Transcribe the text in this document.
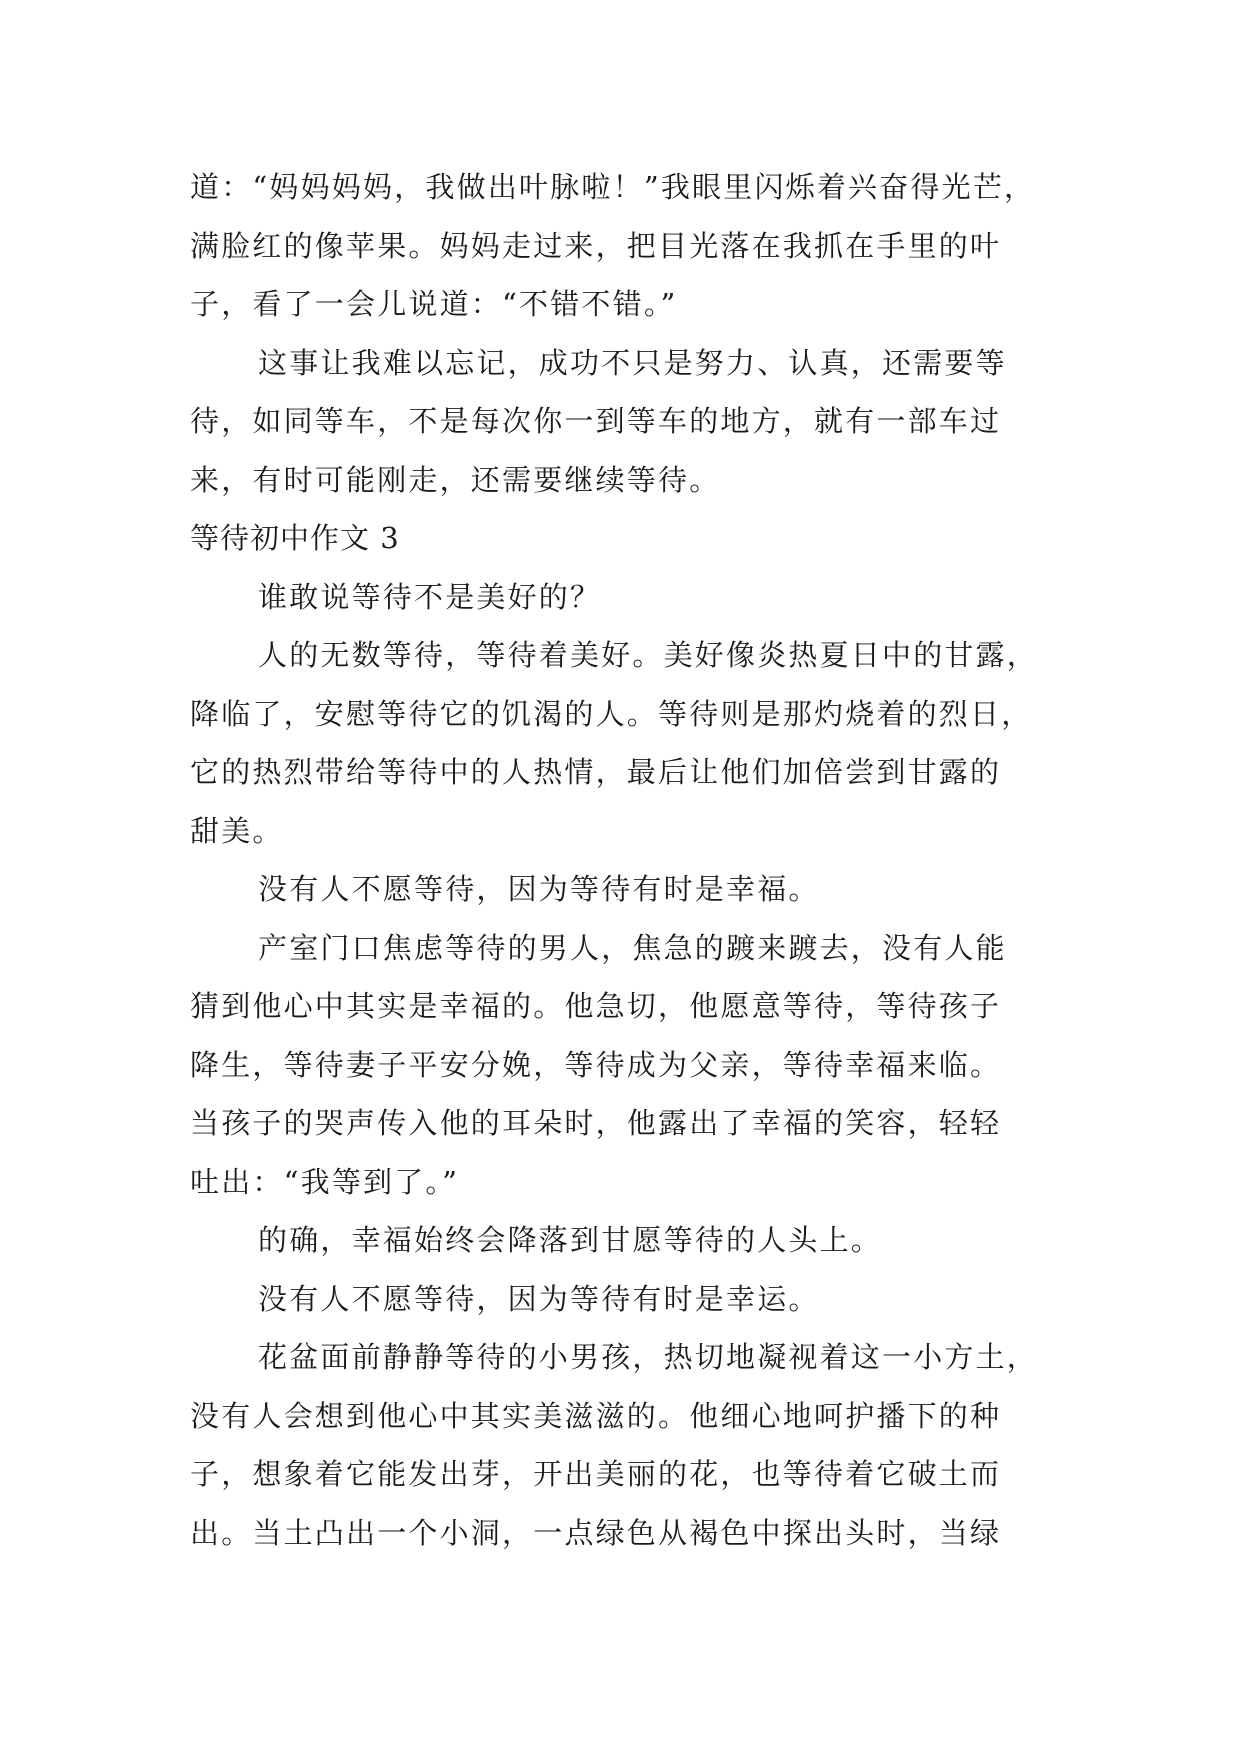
道：“妈妈妈妈，我做出叶脉啦！”我眼里闪烁着兴奋得光芒，
满脸红的像苹果。妈妈走过来，把目光落在我抓在手里的叶
子，看了一会儿说道：“不错不错。”
这事让我难以忘记，成功不只是努力、认真，还需要等
待，如同等车，不是每次你一到等车的地方，就有一部车过
来，有时可能刚走，还需要继续等待。
等待初中作文 3
谁敢说等待不是美好的？
人的无数等待，等待着美好。美好像炎热夏日中的甘露，
降临了，安慰等待它的饥渴的人。等待则是那灼烧着的烈日，
它的热烈带给等待中的人热情，最后让他们加倍尝到甘露的
甜美。
没有人不愿等待，因为等待有时是幸福。
产室门口焦虑等待的男人，焦急的踱来踱去，没有人能
猜到他心中其实是幸福的。他急切，他愿意等待，等待孩子
降生，等待妻子平安分娩，等待成为父亲，等待幸福来临。
当孩子的哭声传入他的耳朵时，他露出了幸福的笑容，轻轻
吐出：“我等到了。”
的确，幸福始终会降落到甘愿等待的人头上。
没有人不愿等待，因为等待有时是幸运。
花盆面前静静等待的小男孩，热切地凝视着这一小方土，
没有人会想到他心中其实美滋滋的。他细心地呵护播下的种
子，想象着它能发出芽，开出美丽的花，也等待着它破土而
出。当土凸出一个小洞，一点绿色从褐色中探出头时，当绿
